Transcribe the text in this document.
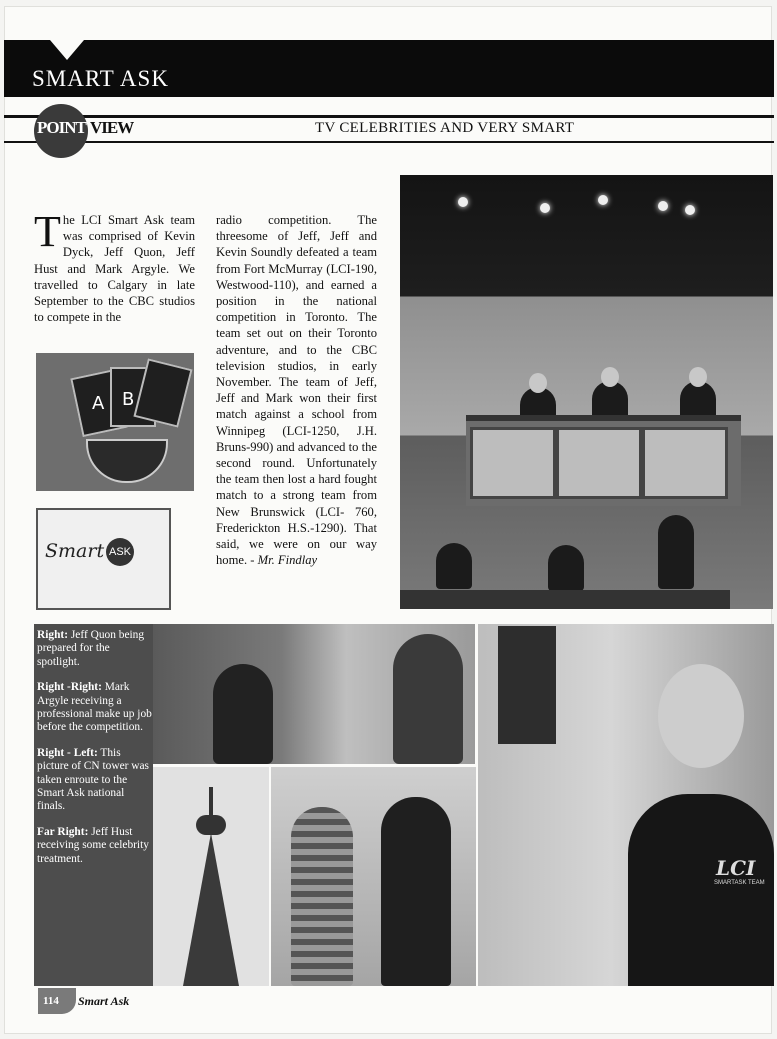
SMART ASK
POINT VIEW	TV CELEBRITIES AND VERY SMART
The LCI Smart Ask team was comprised of Kevin Dyck, Jeff Quon, Jeff Hust and Mark Argyle. We travelled to Calgary in late September to the CBC studios to compete in the
radio competition. The threesome of Jeff, Jeff and Kevin Soundly defeated a team from Fort McMurray (LCI-190, Westwood-110), and earned a position in the national competition in Toronto. The team set out on their Toronto adventure, and to the CBC television studios, in early November. The team of Jeff, Jeff and Mark won their first match against a school from Winnipeg (LCI-1250, J.H. Bruns-990) and advanced to the second round. Unfortunately the team then lost a hard fought match to a strong team from New Brunswick (LCI- 760, Frederickton H.S.-1290). That said, we were on our way home. - Mr. Findlay
A B
Smart ASK

Right: Jeff Quon being prepared for the spotlight.

Right -Right: Mark Argyle receiving a professional make up job before the competition.

Right - Left: This picture of CN tower was taken enroute to the Smart Ask national finals.

Far Right: Jeff Hust receiving some celebrity treatment.	LCI
SMARTASK TEAM
114 Smart Ask
